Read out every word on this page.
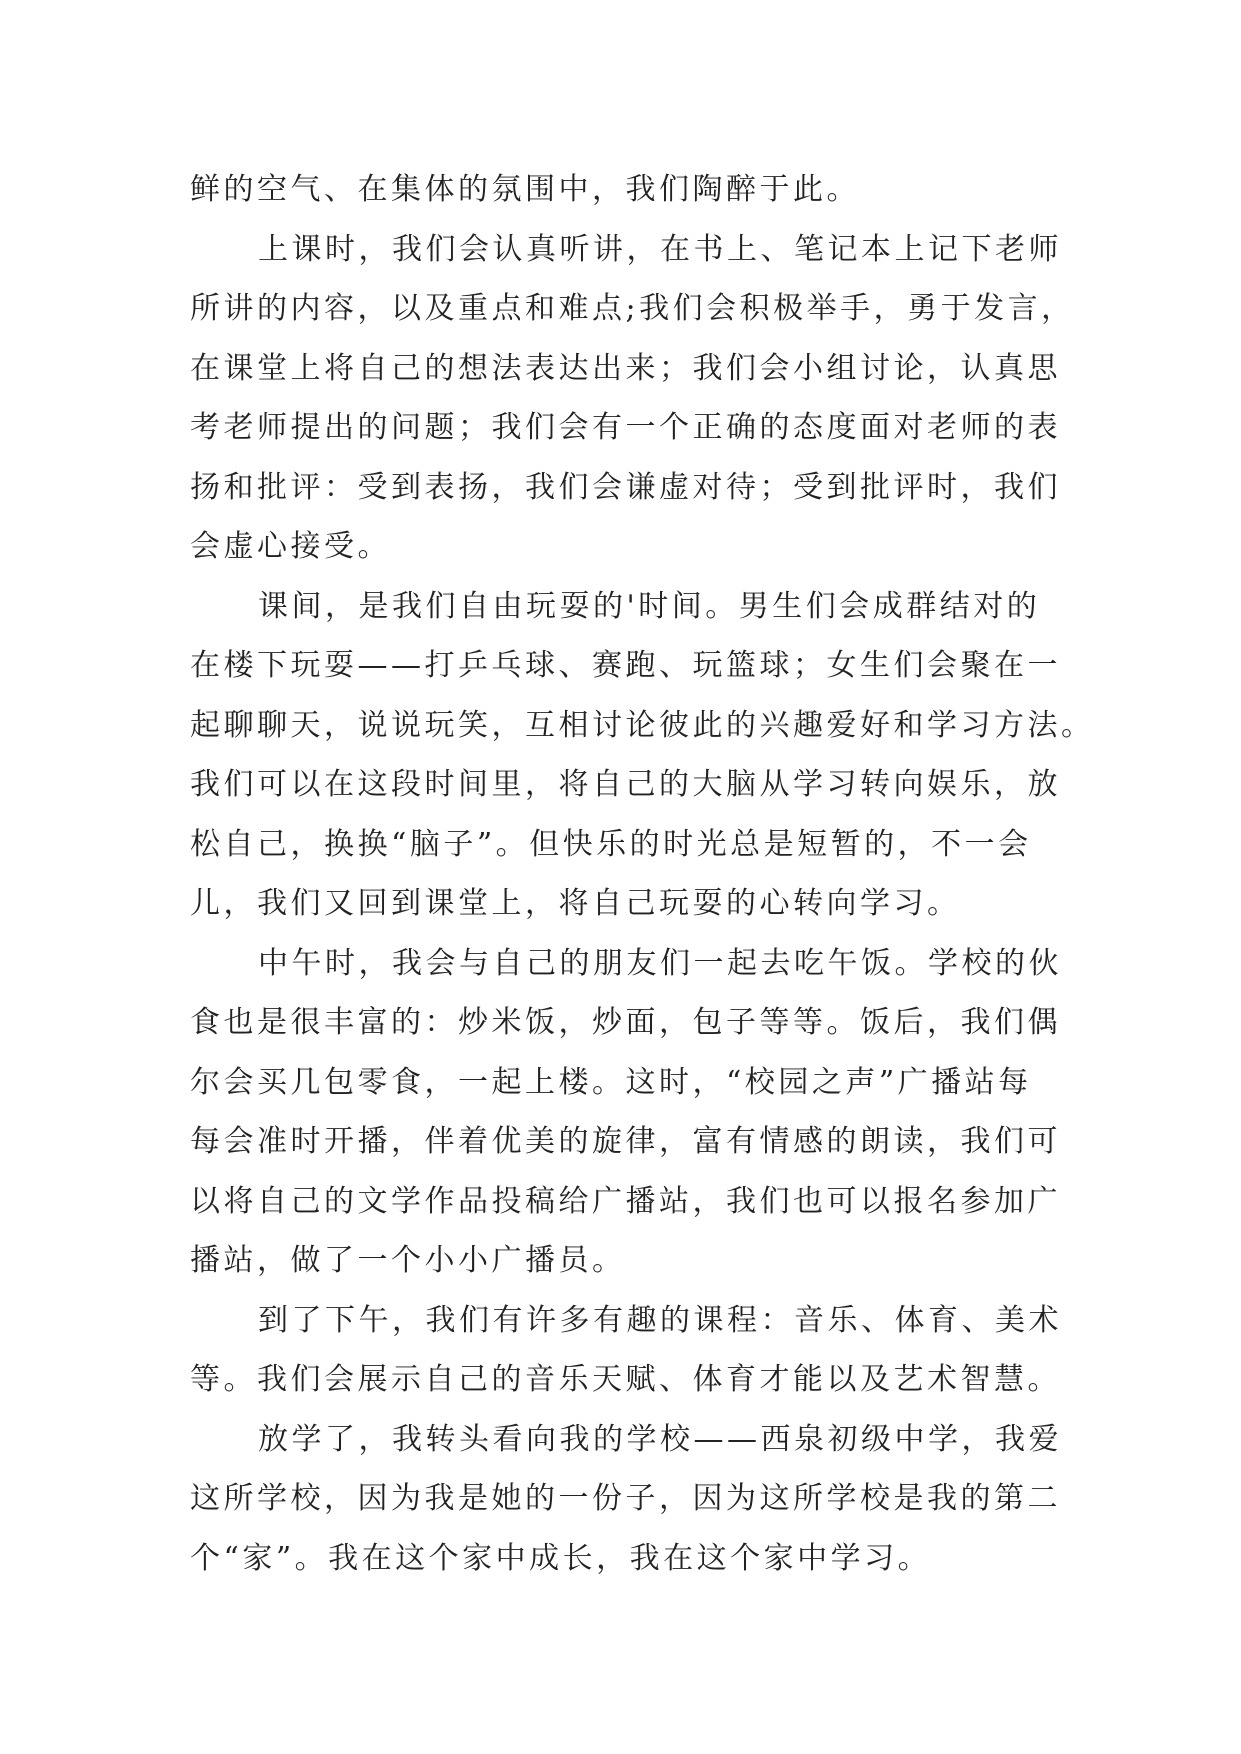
鲜的空气、在集体的氛围中，我们陶醉于此。
上课时，我们会认真听讲，在书上、笔记本上记下老师
所讲的内容，以及重点和难点;我们会积极举手，勇于发言，
在课堂上将自己的想法表达出来；我们会小组讨论，认真思
考老师提出的问题；我们会有一个正确的态度面对老师的表
扬和批评：受到表扬，我们会谦虚对待；受到批评时，我们
会虚心接受。
课间，是我们自由玩耍的'时间。男生们会成群结对的
在楼下玩耍——打乒乓球、赛跑、玩篮球；女生们会聚在一
起聊聊天，说说玩笑，互相讨论彼此的兴趣爱好和学习方法。
我们可以在这段时间里，将自己的大脑从学习转向娱乐，放
松自己，换换“脑子”。但快乐的时光总是短暂的，不一会
儿，我们又回到课堂上，将自己玩耍的心转向学习。
中午时，我会与自己的朋友们一起去吃午饭。学校的伙
食也是很丰富的：炒米饭，炒面，包子等等。饭后，我们偶
尔会买几包零食，一起上楼。这时，“校园之声”广播站每
每会准时开播，伴着优美的旋律，富有情感的朗读，我们可
以将自己的文学作品投稿给广播站，我们也可以报名参加广
播站，做了一个小小广播员。
到了下午，我们有许多有趣的课程：音乐、体育、美术
等。我们会展示自己的音乐天赋、体育才能以及艺术智慧。
放学了，我转头看向我的学校——西泉初级中学，我爱
这所学校，因为我是她的一份子，因为这所学校是我的第二
个“家”。我在这个家中成长，我在这个家中学习。
